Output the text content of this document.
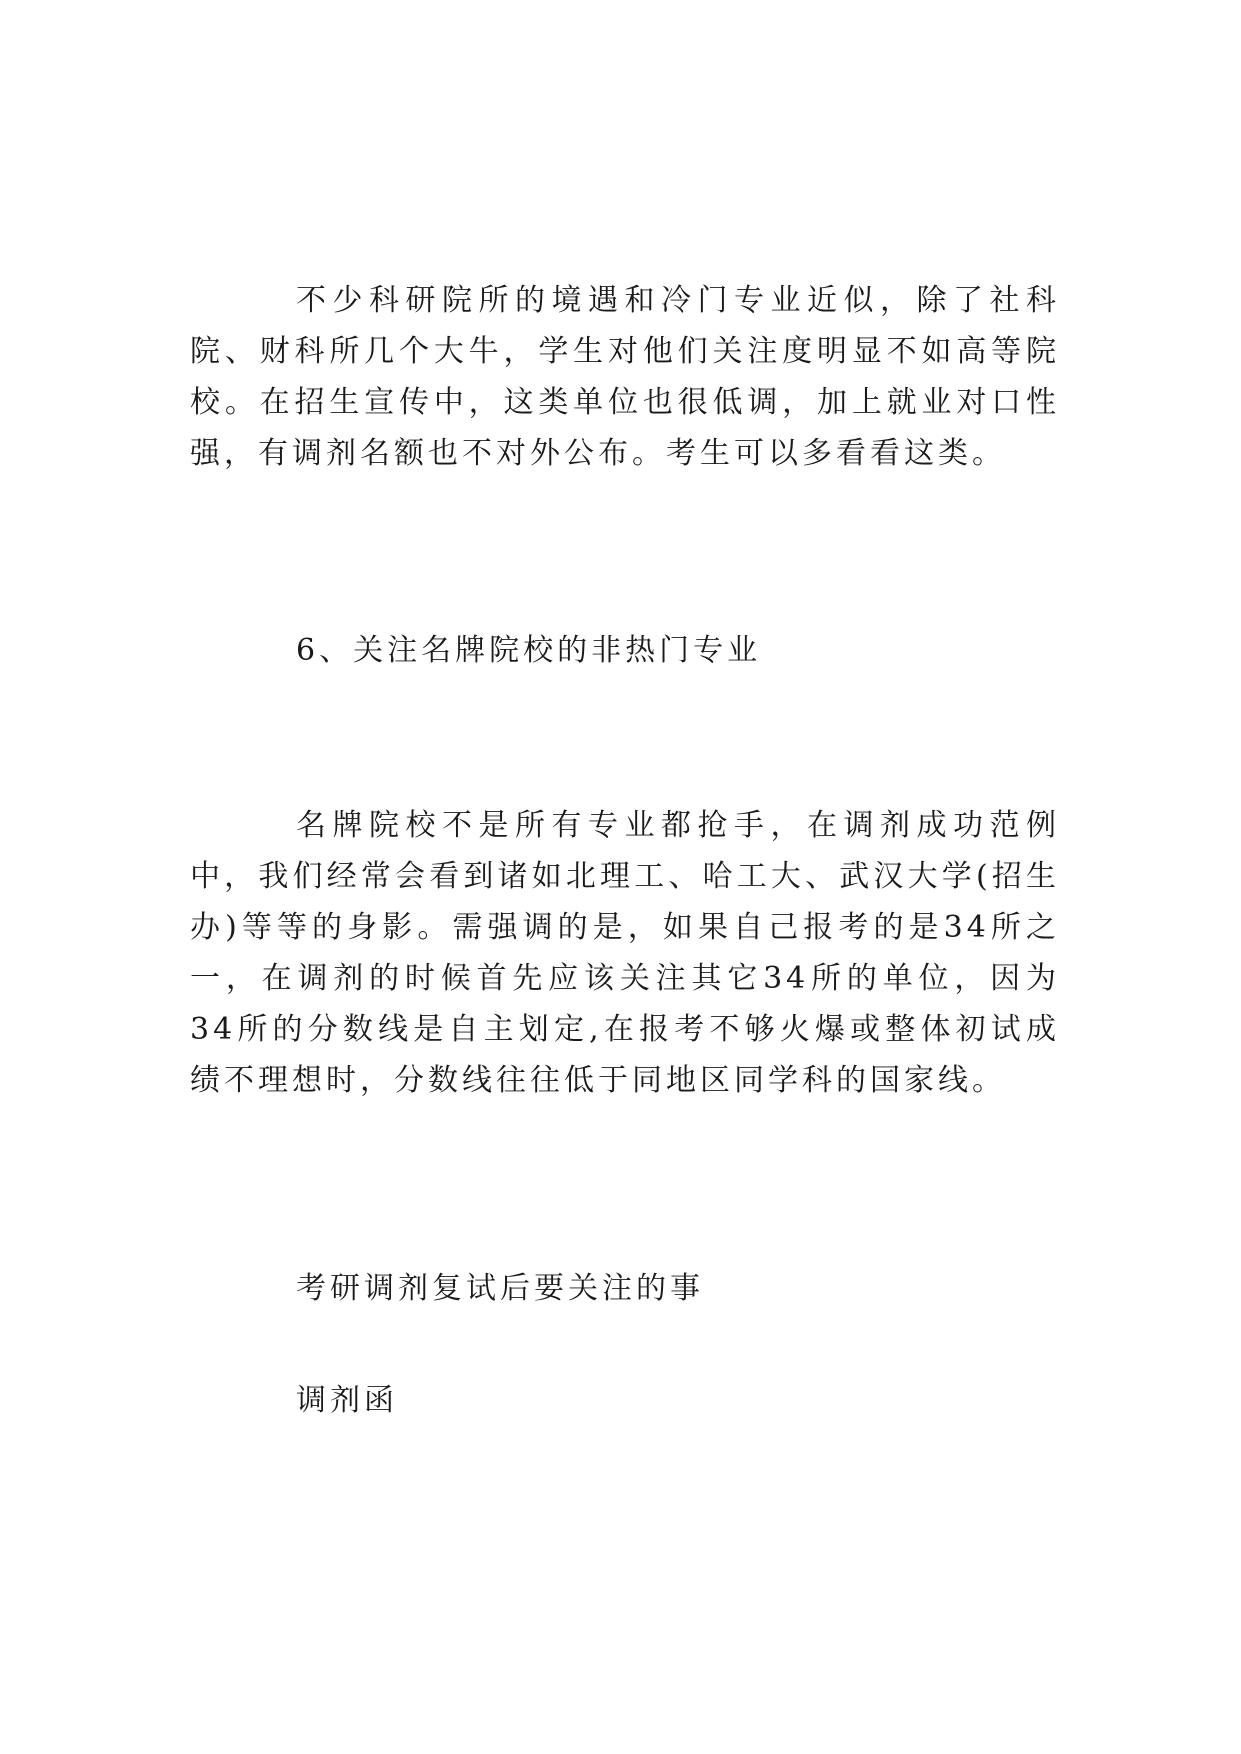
不少科研院所的境遇和冷门专业近似，除了社科院、财科所几个大牛，学生对他们关注度明显不如高等院校。在招生宣传中，这类单位也很低调，加上就业对口性强，有调剂名额也不对外公布。考生可以多看看这类。

6、关注名牌院校的非热门专业

名牌院校不是所有专业都抢手，在调剂成功范例中，我们经常会看到诸如北理工、哈工大、武汉大学(招生办)等等的身影。需强调的是，如果自己报考的是34所之一，在调剂的时候首先应该关注其它34所的单位，因为34所的分数线是自主划定,在报考不够火爆或整体初试成绩不理想时，分数线往往低于同地区同学科的国家线。

考研调剂复试后要关注的事

调剂函
